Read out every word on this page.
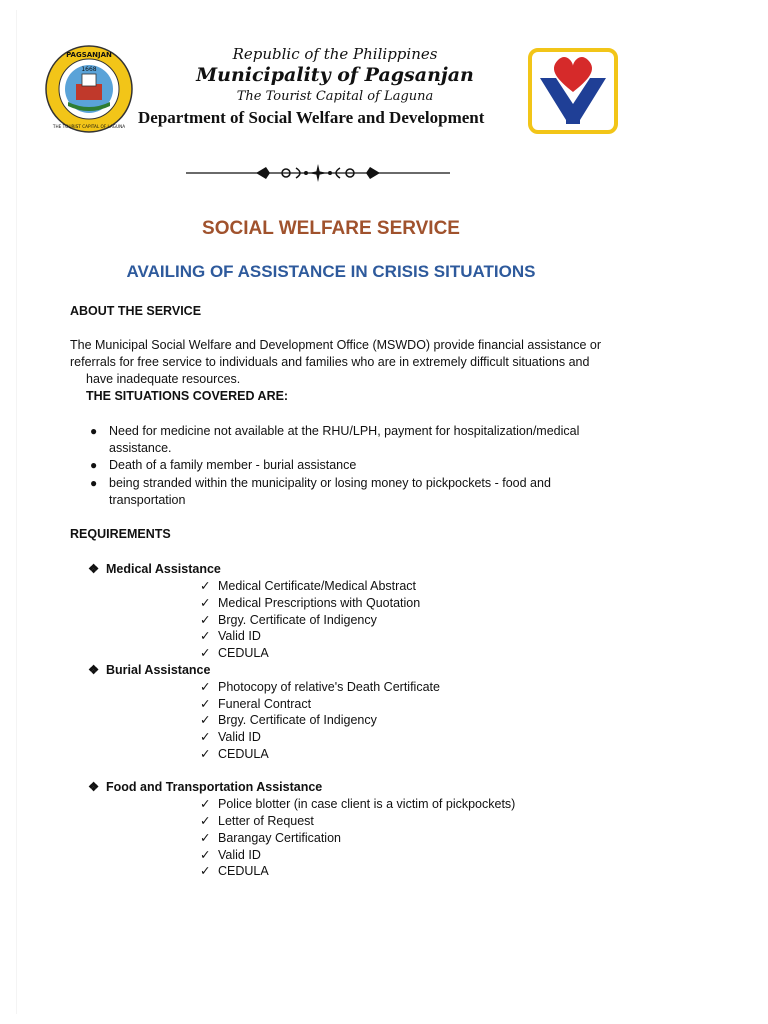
1668
PAGSANJAN
THE TOURIST CAPITAL OF LAGUNA
Republic of the Philippines
Municipality of Pagsanjan
The Tourist Capital of Laguna
Department of Social Welfare and Development
SOCIAL WELFARE SERVICE
AVAILING OF ASSISTANCE IN CRISIS SITUATIONS
ABOUT THE SERVICE
The Municipal Social Welfare and Development Office (MSWDO) provide financial assistance or
referrals for free service to individuals and families who are in extremely difficult situations and
have inadequate resources.
THE SITUATIONS COVERED ARE:
● Need for medicine not available at the RHU/LPH, payment for hospitalization/medical
assistance.
● Death of a family member - burial assistance
● being stranded within the municipality or losing money to pickpockets - food and
transportation
REQUIREMENTS
❖ Medical Assistance
✓ Medical Certificate/Medical Abstract
✓ Medical Prescriptions with Quotation
✓ Brgy. Certificate of Indigency
✓ Valid ID
✓ CEDULA
❖ Burial Assistance
✓ Photocopy of relative's Death Certificate
✓ Funeral Contract
✓ Brgy. Certificate of Indigency
✓ Valid ID
✓ CEDULA
❖ Food and Transportation Assistance
✓ Police blotter (in case client is a victim of pickpockets)
✓ Letter of Request
✓ Barangay Certification
✓ Valid ID
✓ CEDULA
